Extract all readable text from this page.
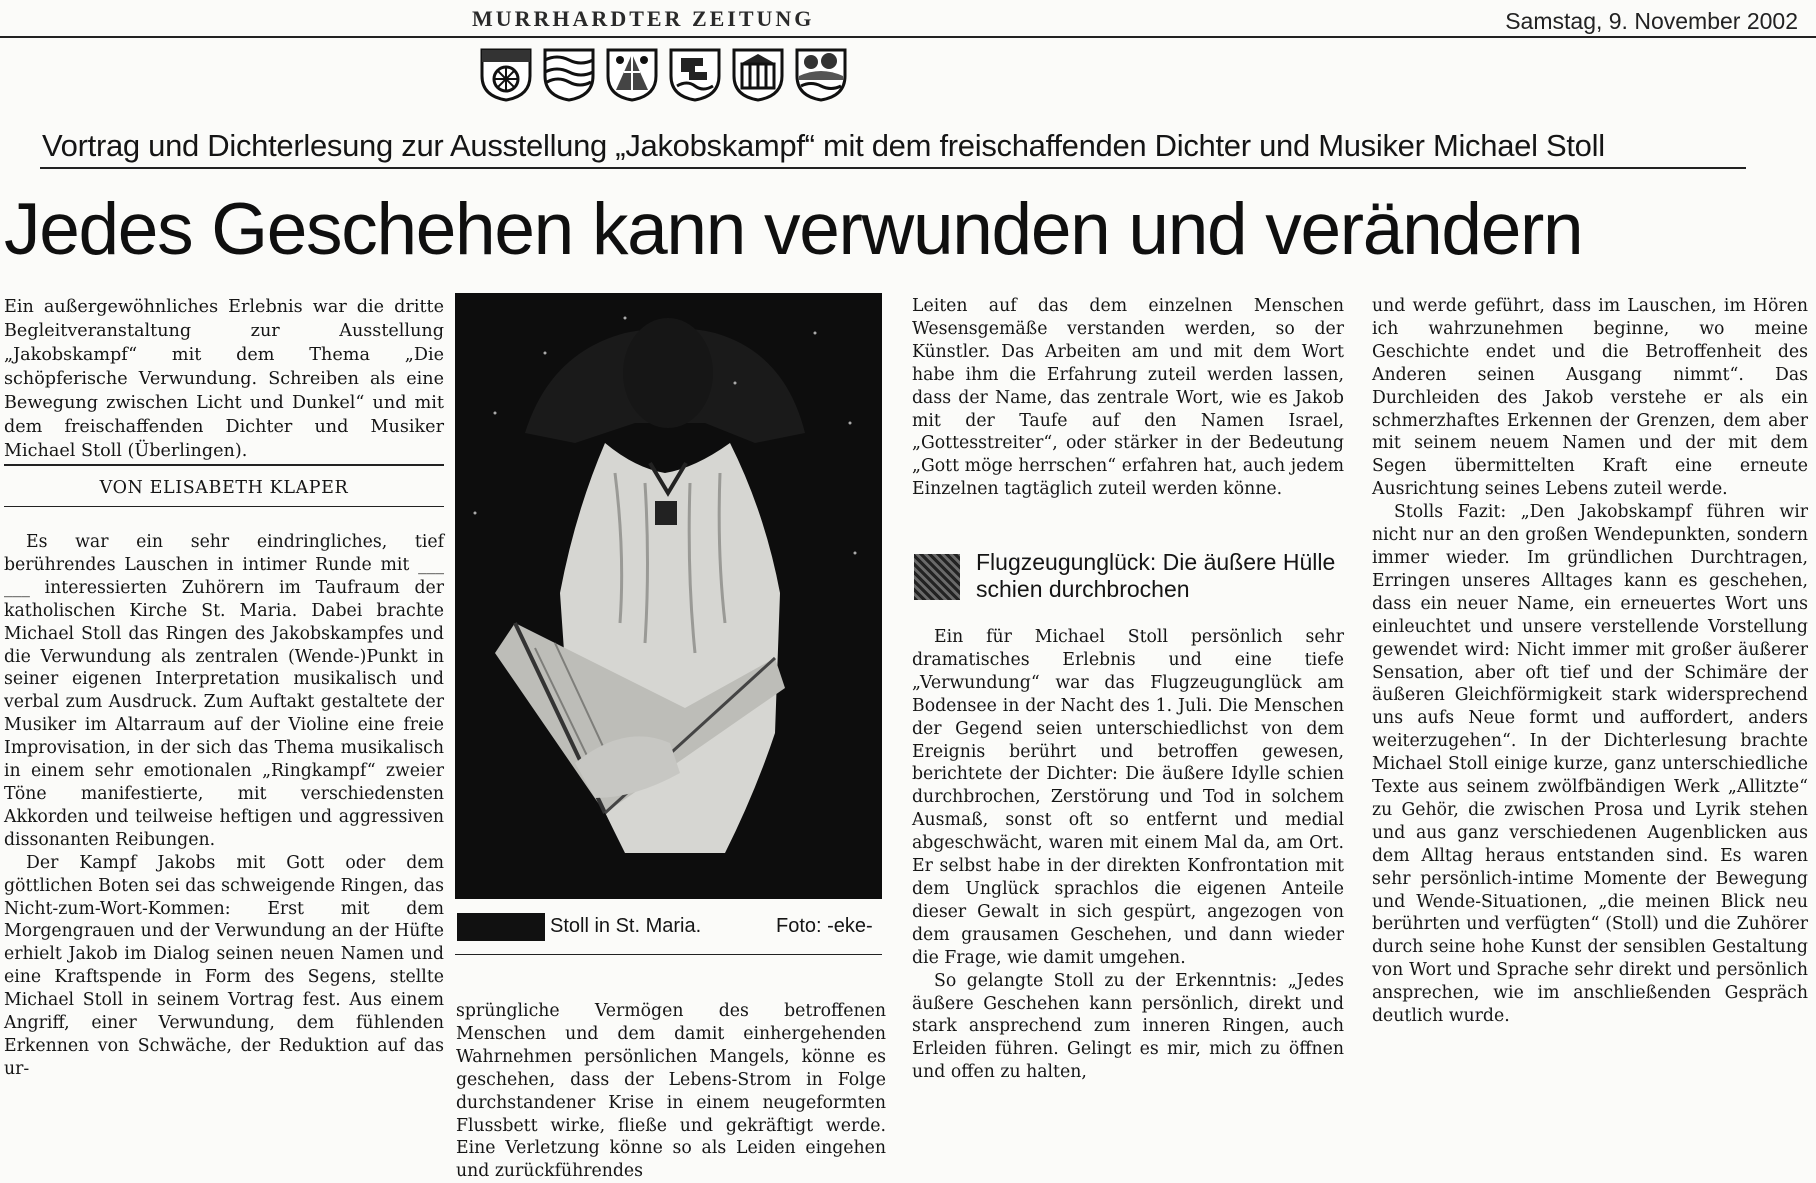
MURRHARDTER ZEITUNG	Samstag, 9. November 2002
Vortrag und Dichterlesung zur Ausstellung „Jakobskampf“ mit dem freischaffenden Dichter und Musiker Michael Stoll
Jedes Geschehen kann verwunden und verändern

Ein außergewöhnliches Erlebnis war die dritte Begleitveranstaltung zur Ausstellung „Jakobskampf“ mit dem Thema „Die schöpferische Verwundung. Schreiben als eine Bewegung zwischen Licht und Dunkel“ und mit dem freischaffenden Dichter und Musiker Michael Stoll (Überlingen).

VON ELISABETH KLAPER

Es war ein sehr eindringliches, tief berührendes Lauschen in intimer Runde mit ___ ___ interessierten Zuhörern im Taufraum der katholischen Kirche St. Maria. Dabei brachte Michael Stoll das Ringen des Jakobskampfes und die Verwundung als zentralen (Wende-)Punkt in seiner eigenen Interpretation musikalisch und verbal zum Ausdruck. Zum Auftakt gestaltete der Musiker im Altarraum auf der Violine eine freie Improvisation, in der sich das Thema musikalisch in einem sehr emotionalen „Ringkampf“ zweier Töne manifestierte, mit verschiedensten Akkorden und teilweise heftigen und aggressiven dissonanten Reibungen.

Der Kampf Jakobs mit Gott oder dem göttlichen Boten sei das schweigende Ringen, das Nicht-zum-Wort-Kommen: Erst mit dem Morgengrauen und der Verwundung an der Hüfte erhielt Jakob im Dialog seinen neuen Namen und eine Kraftspende in Form des Segens, stellte Michael Stoll in seinem Vortrag fest. Aus einem Angriff, einer Verwundung, dem fühlenden Erkennen von Schwäche, der Reduktion auf das ur-

Stoll in St. Maria.	Foto: -eke-

sprüngliche Vermögen des betroffenen Menschen und dem damit einhergehenden Wahrnehmen persönlichen Mangels, könne es geschehen, dass der Lebens-Strom in Folge durchstandener Krise in einem neugeformten Flussbett wirke, fließe und gekräftigt werde. Eine Verletzung könne so als Leiden eingehen und zurückführendes

Leiten auf das dem einzelnen Menschen Wesensgemäße verstanden werden, so der Künstler. Das Arbeiten am und mit dem Wort habe ihm die Erfahrung zuteil werden lassen, dass der Name, das zentrale Wort, wie es Jakob mit der Taufe auf den Namen Israel, „Gottesstreiter“, oder stärker in der Bedeutung „Gott möge herrschen“ erfahren hat, auch jedem Einzelnen tagtäglich zuteil werden könne.

Flugzeugunglück: Die äußere Hülle schien durchbrochen

Ein für Michael Stoll persönlich sehr dramatisches Erlebnis und eine tiefe „Verwundung“ war das Flugzeugunglück am Bodensee in der Nacht des 1. Juli. Die Menschen der Gegend seien unterschiedlichst von dem Ereignis berührt und betroffen gewesen, berichtete der Dichter: Die äußere Idylle schien durchbrochen, Zerstörung und Tod in solchem Ausmaß, sonst oft so entfernt und medial abgeschwächt, waren mit einem Mal da, am Ort. Er selbst habe in der direkten Konfrontation mit dem Unglück sprachlos die eigenen Anteile dieser Gewalt in sich gespürt, angezogen von dem grausamen Geschehen, und dann wieder die Frage, wie damit umgehen.

So gelangte Stoll zu der Erkenntnis: „Jedes äußere Geschehen kann persönlich, direkt und stark ansprechend zum inneren Ringen, auch Erleiden führen. Gelingt es mir, mich zu öffnen und offen zu halten,

und werde geführt, dass im Lauschen, im Hören ich wahrzunehmen beginne, wo meine Geschichte endet und die Betroffenheit des Anderen seinen Ausgang nimmt“. Das Durchleiden des Jakob verstehe er als ein schmerzhaftes Erkennen der Grenzen, dem aber mit seinem neuem Namen und der mit dem Segen übermittelten Kraft eine erneute Ausrichtung seines Lebens zuteil werde.

Stolls Fazit: „Den Jakobskampf führen wir nicht nur an den großen Wendepunkten, sondern immer wieder. Im gründlichen Durchtragen, Erringen unseres Alltages kann es geschehen, dass ein neuer Name, ein erneuertes Wort uns einleuchtet und unsere verstellende Vorstellung gewendet wird: Nicht immer mit großer äußerer Sensation, aber oft tief und der Schimäre der äußeren Gleichförmigkeit stark widersprechend uns aufs Neue formt und auffordert, anders weiterzugehen“. In der Dichterlesung brachte Michael Stoll einige kurze, ganz unterschiedliche Texte aus seinem zwölfbändigen Werk „Allitzte“ zu Gehör, die zwischen Prosa und Lyrik stehen und aus ganz verschiedenen Augenblicken aus dem Alltag heraus entstanden sind. Es waren sehr persönlich-intime Momente der Bewegung und Wende-Situationen, „die meinen Blick neu berührten und verfügten“ (Stoll) und die Zuhörer durch seine hohe Kunst der sensiblen Gestaltung von Wort und Sprache sehr direkt und persönlich ansprechen, wie im anschließenden Gespräch deutlich wurde.
